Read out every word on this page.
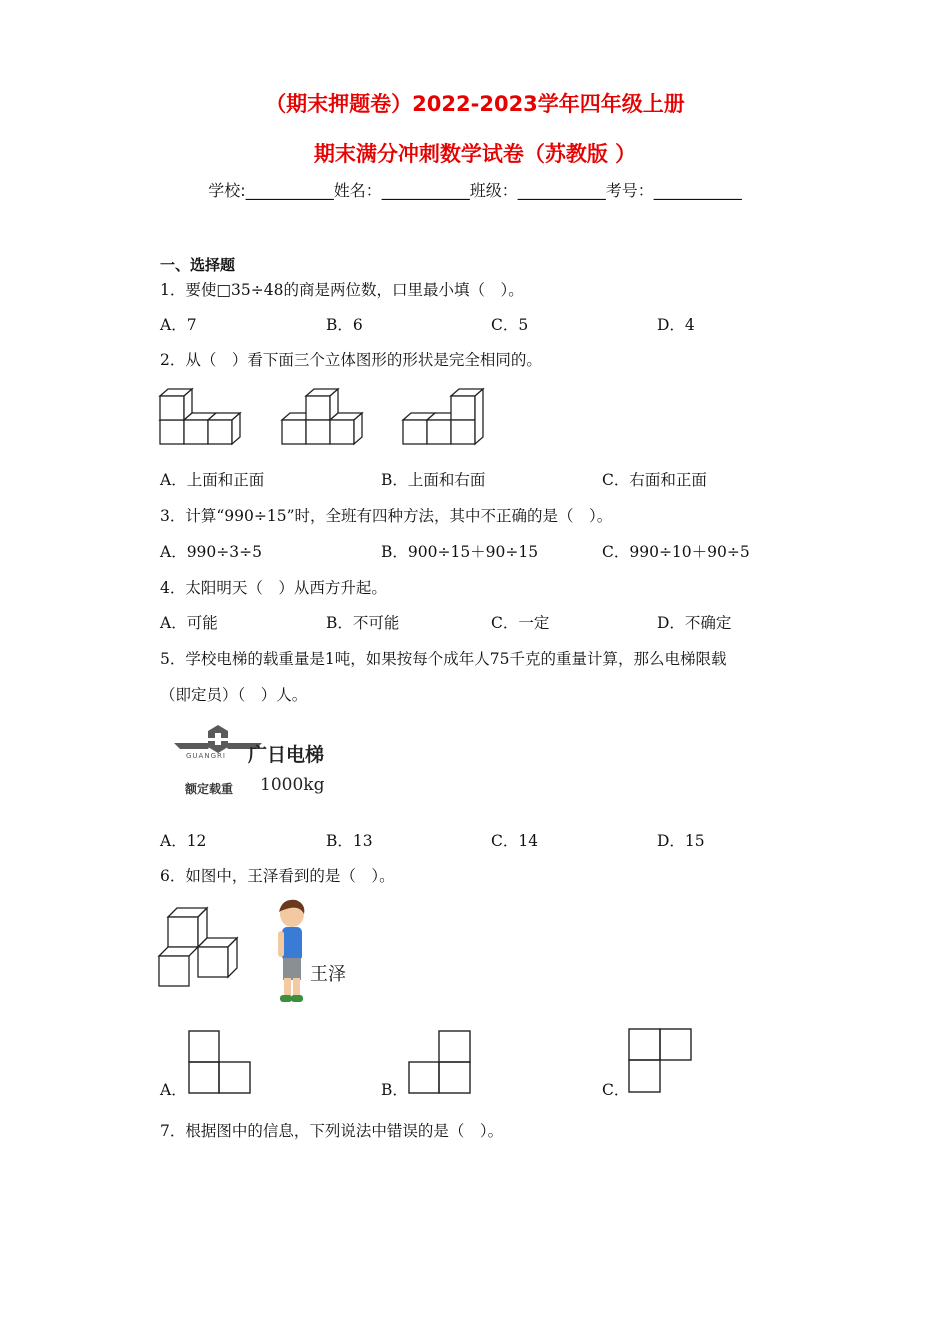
（期末押题卷）2022-2023学年四年级上册
期末满分冲刺数学试卷（苏教版 ）
学校:___________姓名：___________班级：___________考号：___________
一、选择题
1．要使□35÷48的商是两位数，口里最小填（　）。
A．7	B．6	C．5	D．4
2．从（　）看下面三个立体图形的形状是完全相同的。
A．上面和正面	B．上面和右面	C．右面和正面
3．计算“990÷15”时，全班有四种方法，其中不正确的是（　）。
A．990÷3÷5	B．900÷15＋90÷15	C．990÷10＋90÷5
4．太阳明天（　）从西方升起。
A．可能	B．不可能	C．一定	D．不确定
5．学校电梯的载重量是1吨，如果按每个成年人75千克的重量计算，那么电梯限载
（即定员）（　）人。
GUANGRI 广日电梯
额定载重 1000kg
A．12	B．13	C．14	D．15
6．如图中，王泽看到的是（　）。
王泽
A．	B．	C．
7．根据图中的信息，下列说法中错误的是（　）。
